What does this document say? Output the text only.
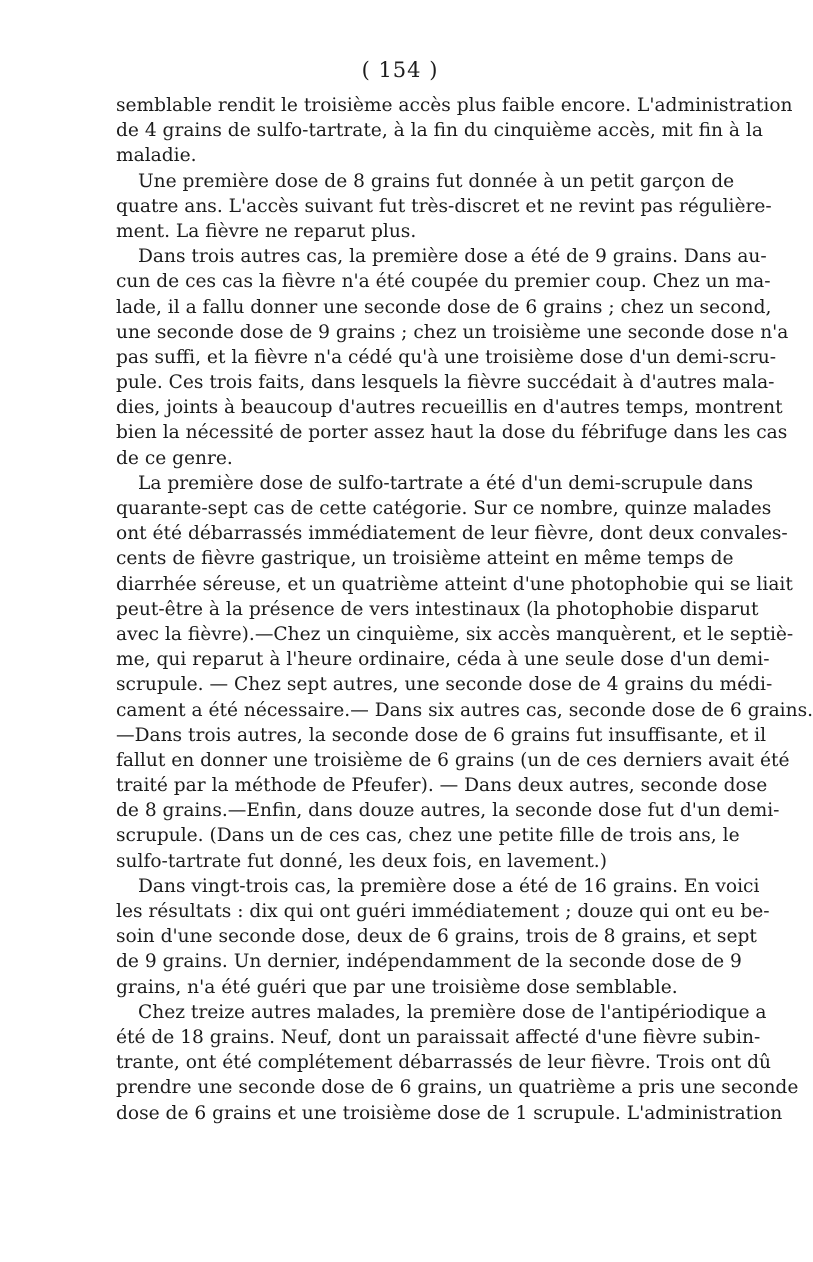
( 154 )
semblable rendit le troisième accès plus faible encore. L'administration
de 4 grains de sulfo-tartrate, à la fin du cinquième accès, mit fin à la
maladie.
Une première dose de 8 grains fut donnée à un petit garçon de
quatre ans. L'accès suivant fut très-discret et ne revint pas régulière-
ment. La fièvre ne reparut plus.
Dans trois autres cas, la première dose a été de 9 grains. Dans au-
cun de ces cas la fièvre n'a été coupée du premier coup. Chez un ma-
lade, il a fallu donner une seconde dose de 6 grains ; chez un second,
une seconde dose de 9 grains ; chez un troisième une seconde dose n'a
pas suffi, et la fièvre n'a cédé qu'à une troisième dose d'un demi-scru-
pule. Ces trois faits, dans lesquels la fièvre succédait à d'autres mala-
dies, joints à beaucoup d'autres recueillis en d'autres temps, montrent
bien la nécessité de porter assez haut la dose du fébrifuge dans les cas
de ce genre.
La première dose de sulfo-tartrate a été d'un demi-scrupule dans
quarante-sept cas de cette catégorie. Sur ce nombre, quinze malades
ont été débarrassés immédiatement de leur fièvre, dont deux convales-
cents de fièvre gastrique, un troisième atteint en même temps de
diarrhée séreuse, et un quatrième atteint d'une photophobie qui se liait
peut-être à la présence de vers intestinaux (la photophobie disparut
avec la fièvre).—Chez un cinquième, six accès manquèrent, et le septiè-
me, qui reparut à l'heure ordinaire, céda à une seule dose d'un demi-
scrupule. — Chez sept autres, une seconde dose de 4 grains du médi-
cament a été nécessaire.— Dans six autres cas, seconde dose de 6 grains.
—Dans trois autres, la seconde dose de 6 grains fut insuffisante, et il
fallut en donner une troisième de 6 grains (un de ces derniers avait été
traité par la méthode de Pfeufer). — Dans deux autres, seconde dose
de 8 grains.—Enfin, dans douze autres, la seconde dose fut d'un demi-
scrupule. (Dans un de ces cas, chez une petite fille de trois ans, le
sulfo-tartrate fut donné, les deux fois, en lavement.)
Dans vingt-trois cas, la première dose a été de 16 grains. En voici
les résultats : dix qui ont guéri immédiatement ; douze qui ont eu be-
soin d'une seconde dose, deux de 6 grains, trois de 8 grains, et sept
de 9 grains. Un dernier, indépendamment de la seconde dose de 9
grains, n'a été guéri que par une troisième dose semblable.
Chez treize autres malades, la première dose de l'antipériodique a
été de 18 grains. Neuf, dont un paraissait affecté d'une fièvre subin-
trante, ont été complétement débarrassés de leur fièvre. Trois ont dû
prendre une seconde dose de 6 grains, un quatrième a pris une seconde
dose de 6 grains et une troisième dose de 1 scrupule. L'administration
